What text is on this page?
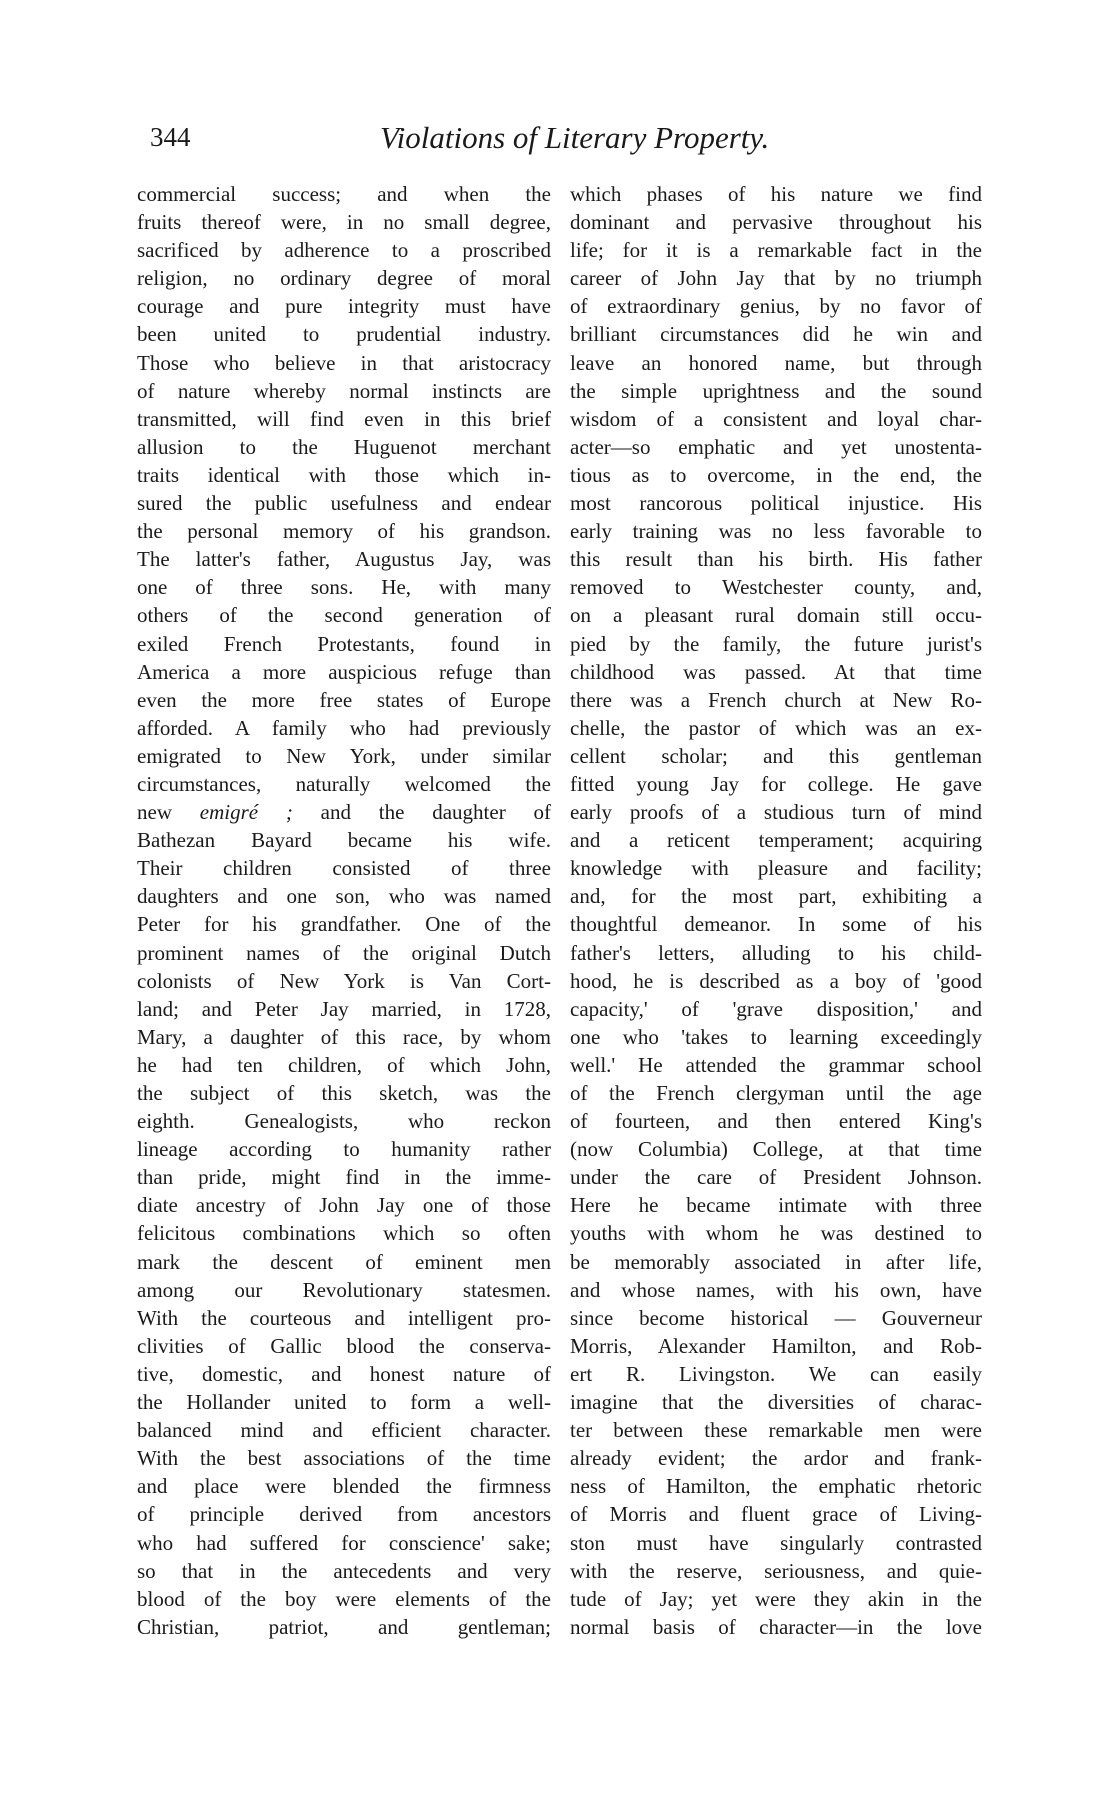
344	Violations of Literary Property.
commercial success; and when the
fruits thereof were, in no small degree,
sacrificed by adherence to a proscribed
religion, no ordinary degree of moral
courage and pure integrity must have
been united to prudential industry.
Those who believe in that aristocracy
of nature whereby normal instincts are
transmitted, will find even in this brief
allusion to the Huguenot merchant
traits identical with those which in-
sured the public usefulness and endear
the personal memory of his grandson.
The latter's father, Augustus Jay, was
one of three sons. He, with many
others of the second generation of
exiled French Protestants, found in
America a more auspicious refuge than
even the more free states of Europe
afforded. A family who had previously
emigrated to New York, under similar
circumstances, naturally welcomed the
new emigré ; and the daughter of
Bathezan Bayard became his wife.
Their children consisted of three
daughters and one son, who was named
Peter for his grandfather. One of the
prominent names of the original Dutch
colonists of New York is Van Cort-
land; and Peter Jay married, in 1728,
Mary, a daughter of this race, by whom
he had ten children, of which John,
the subject of this sketch, was the
eighth. Genealogists, who reckon
lineage according to humanity rather
than pride, might find in the imme-
diate ancestry of John Jay one of those
felicitous combinations which so often
mark the descent of eminent men
among our Revolutionary statesmen.
With the courteous and intelligent pro-
clivities of Gallic blood the conserva-
tive, domestic, and honest nature of
the Hollander united to form a well-
balanced mind and efficient character.
With the best associations of the time
and place were blended the firmness
of principle derived from ancestors
who had suffered for conscience' sake;
so that in the antecedents and very
blood of the boy were elements of the
Christian, patriot, and gentleman;
which phases of his nature we find
dominant and pervasive throughout his
life; for it is a remarkable fact in the
career of John Jay that by no triumph
of extraordinary genius, by no favor of
brilliant circumstances did he win and
leave an honored name, but through
the simple uprightness and the sound
wisdom of a consistent and loyal char-
acter—so emphatic and yet unostenta-
tious as to overcome, in the end, the
most rancorous political injustice. His
early training was no less favorable to
this result than his birth. His father
removed to Westchester county, and,
on a pleasant rural domain still occu-
pied by the family, the future jurist's
childhood was passed. At that time
there was a French church at New Ro-
chelle, the pastor of which was an ex-
cellent scholar; and this gentleman
fitted young Jay for college. He gave
early proofs of a studious turn of mind
and a reticent temperament; acquiring
knowledge with pleasure and facility;
and, for the most part, exhibiting a
thoughtful demeanor. In some of his
father's letters, alluding to his child-
hood, he is described as a boy of 'good
capacity,' of 'grave disposition,' and
one who 'takes to learning exceedingly
well.' He attended the grammar school
of the French clergyman until the age
of fourteen, and then entered King's
(now Columbia) College, at that time
under the care of President Johnson.
Here he became intimate with three
youths with whom he was destined to
be memorably associated in after life,
and whose names, with his own, have
since become historical — Gouverneur
Morris, Alexander Hamilton, and Rob-
ert R. Livingston. We can easily
imagine that the diversities of charac-
ter between these remarkable men were
already evident; the ardor and frank-
ness of Hamilton, the emphatic rhetoric
of Morris and fluent grace of Living-
ston must have singularly contrasted
with the reserve, seriousness, and quie-
tude of Jay; yet were they akin in the
normal basis of character—in the love
